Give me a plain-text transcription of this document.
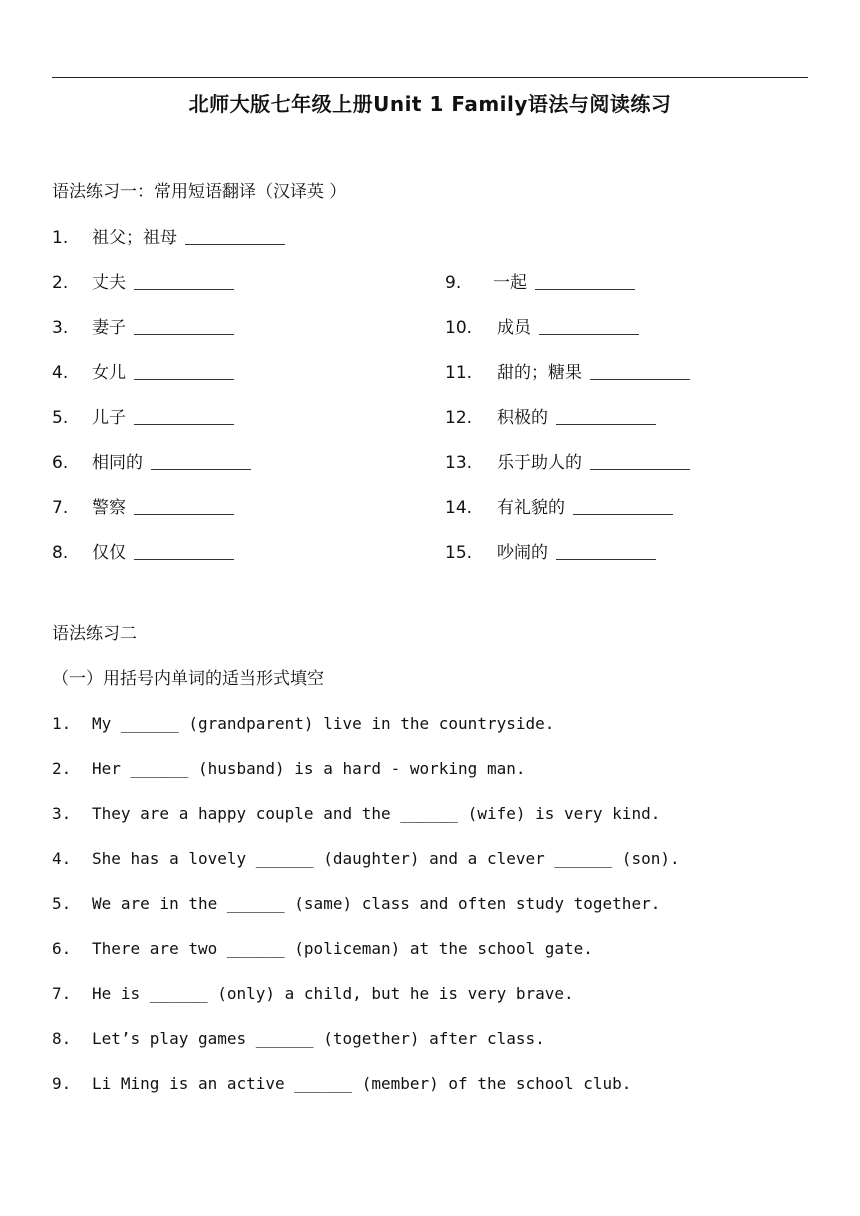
北师大版七年级上册Unit 1 Family语法与阅读练习
语法练习一：常用短语翻译（汉译英 ）
1. 祖父；祖母
2. 丈夫
3. 妻子
4. 女儿
5. 儿子
6. 相同的
7. 警察
8. 仅仅
9. 一起
10. 成员
11. 甜的；糖果
12. 积极的
13. 乐于助人的
14. 有礼貌的
15. 吵闹的
语法练习二
（一）用括号内单词的适当形式填空
1. My ______ (grandparent) live in the countryside.
2. Her ______ (husband) is a hard - working man.
3. They are a happy couple and the ______ (wife) is very kind.
4. She has a lovely ______ (daughter) and a clever ______ (son).
5. We are in the ______ (same) class and often study together.
6. There are two ______ (policeman) at the school gate.
7. He is ______ (only) a child, but he is very brave.
8. Let’s play games ______ (together) after class.
9. Li Ming is an active ______ (member) of the school club.
